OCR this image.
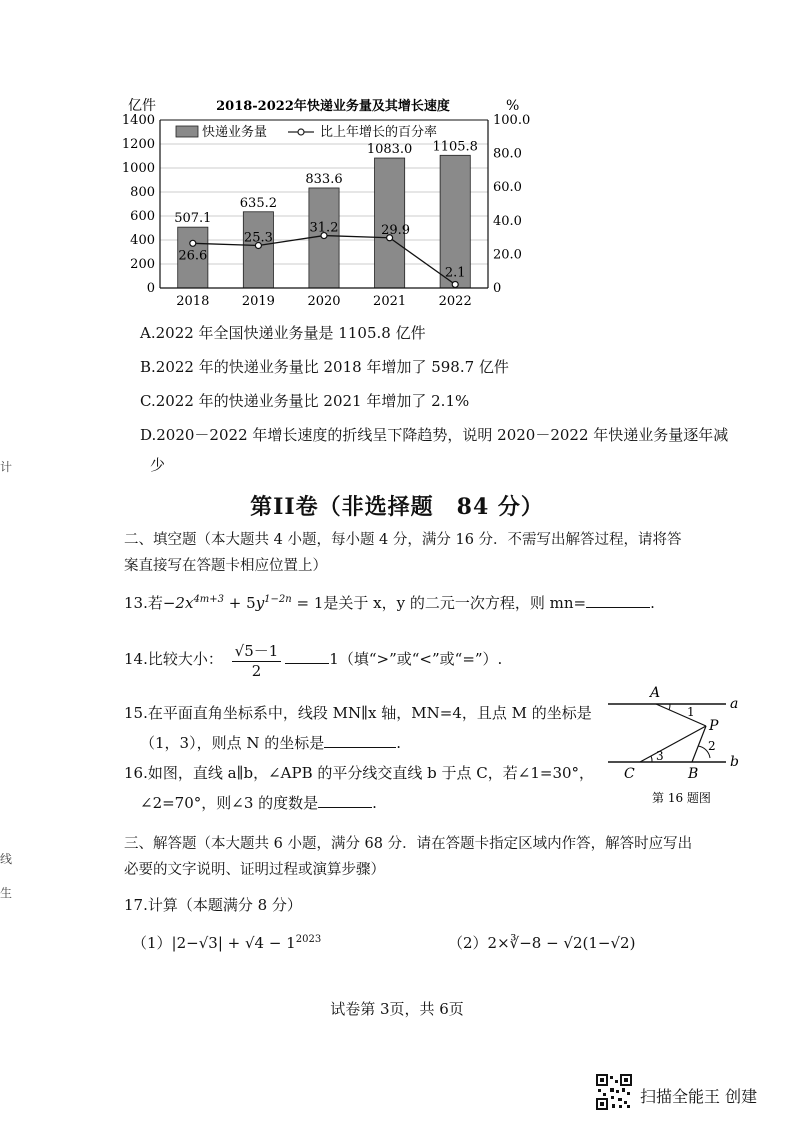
亿件	2018-2022年快递业务量及其增长速度	%
507.1
635.2
833.6
1083.0 1105.8
26.6
25.3
31.2	29.9
2.1
0
200
400
600
800
1000
1200
1400
0
20.0
40.0
60.0
80.0
100.0
2018	2019	2020	2021	2022
快递业务量	比上年增长的百分率
A.2022 年全国快递业务量是 1105.8 亿件
B.2022 年的快递业务量比 2018 年增加了 598.7 亿件
C.2022 年的快递业务量比 2021 年增加了 2.1%
D.2020－2022 年增长速度的折线呈下降趋势，说明 2020－2022 年快递业务量逐年减
少
计
线
生
第II卷（非选择题　84 分）
二、填空题（本大题共 4 小题，每小题 4 分，满分 16 分．不需写出解答过程，请将答
案直接写在答题卡相应位置上）
13.若$-2x^{4m+3} + 5y^{1-2n} = 1$是关于 x，y 的二元一次方程，则 mn=	.
14.比较大小： $\frac{√5-1}{2}$	1（填“>”或“<”或“=”）.
15.在平面直角坐标系中，线段 MN∥x 轴，MN=4，且点 M 的坐标是
（1，3），则点 N 的坐标是	.
16.如图，直线 a∥b，∠APB 的平分线交直线 b 于点 C，若∠1=30°，
∠2=70°，则∠3 的度数是	.
A
a
P
b
C	B
1
2
3
第 16 题图
三、解答题（本大题共 6 小题，满分 68 分．请在答题卡指定区域内作答，解答时应写出
必要的文字说明、证明过程或演算步骤）
17.计算（本题满分 8 分）
$(1)|2-√3| + √4 - 1^{2023}$	（2）2×∛−8 − √2(1−√2)
试卷第 3页，共 6页
扫描全能王 创建
